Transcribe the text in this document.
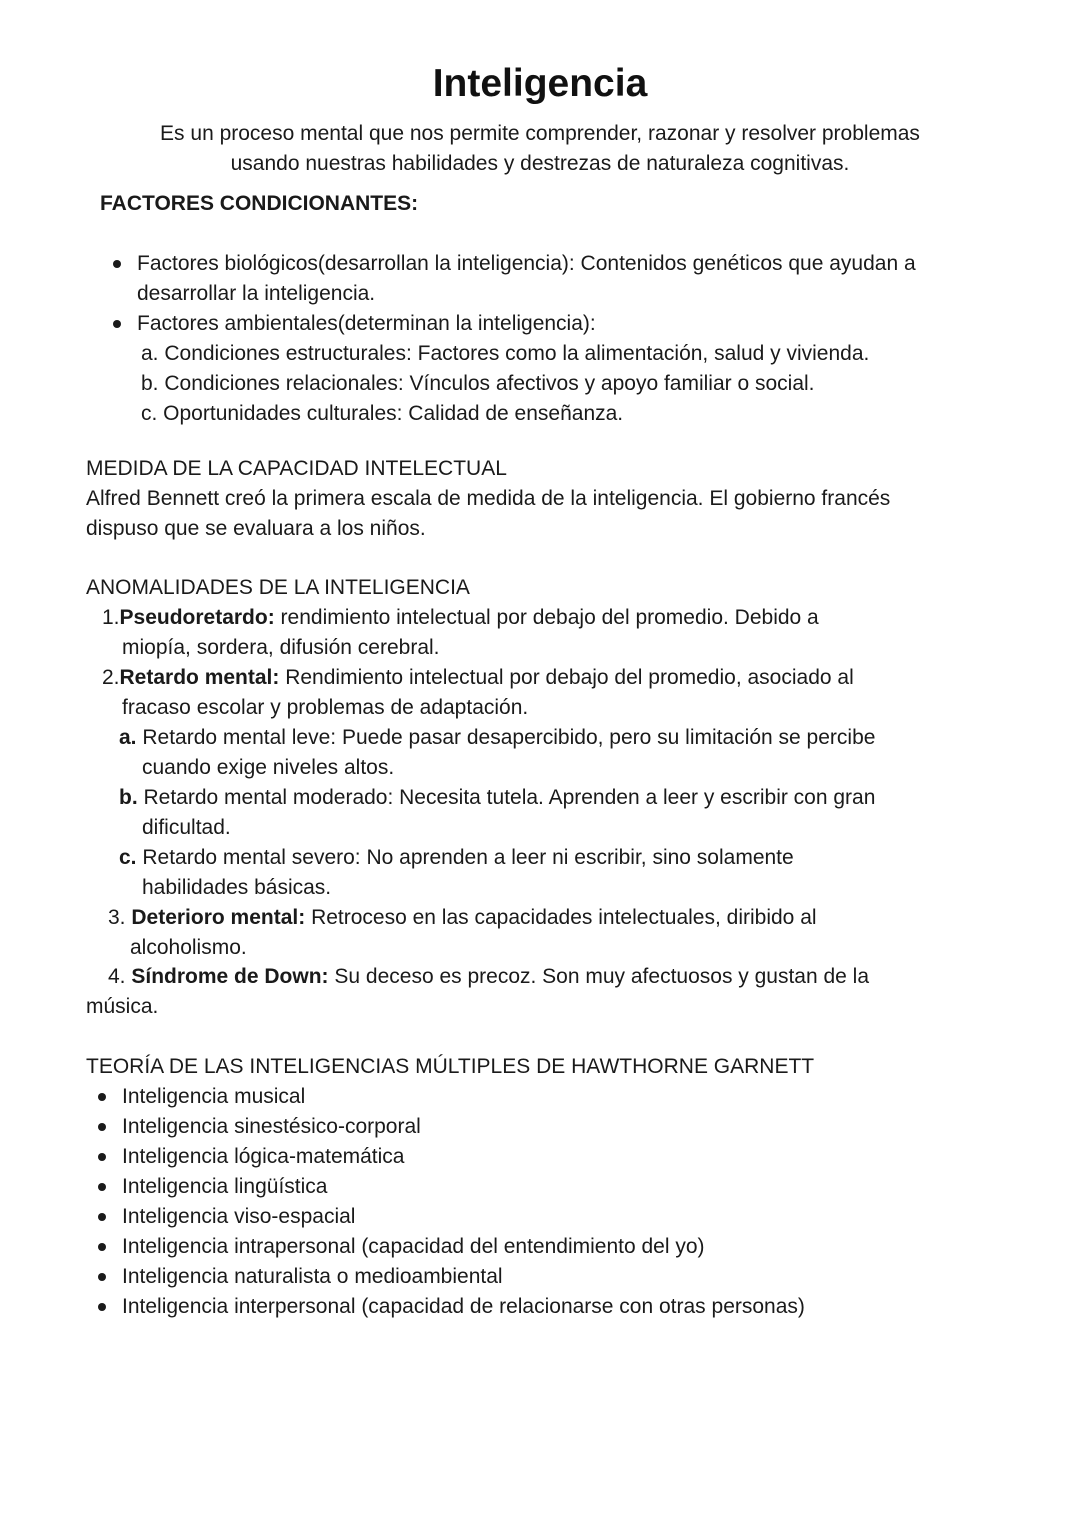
Inteligencia
Es un proceso mental que nos permite comprender, razonar y resolver problemas
usando nuestras habilidades y destrezas de naturaleza cognitivas.
FACTORES CONDICIONANTES:
Factores biológicos(desarrollan la inteligencia): Contenidos genéticos que ayudan a
desarrollar la inteligencia.
Factores ambientales(determinan la inteligencia):
a. Condiciones estructurales: Factores como la alimentación, salud y vivienda.
b. Condiciones relacionales: Vínculos afectivos y apoyo familiar o social.
c. Oportunidades culturales: Calidad de enseñanza.
MEDIDA DE LA CAPACIDAD INTELECTUAL
Alfred Bennett creó la primera escala de medida de la inteligencia. El gobierno francés
dispuso que se evaluara a los niños.
ANOMALIDADES DE LA INTELIGENCIA
1.Pseudoretardo: rendimiento intelectual por debajo del promedio. Debido a
miopía, sordera, difusión cerebral.
2.Retardo mental: Rendimiento intelectual por debajo del promedio, asociado al
fracaso escolar y problemas de adaptación.
a. Retardo mental leve: Puede pasar desapercibido, pero su limitación se percibe
cuando exige niveles altos.
b. Retardo mental moderado: Necesita tutela. Aprenden a leer y escribir con gran
dificultad.
c. Retardo mental severo: No aprenden a leer ni escribir, sino solamente
habilidades básicas.
3. Deterioro mental: Retroceso en las capacidades intelectuales, diribido al
alcoholismo.
4. Síndrome de Down: Su deceso es precoz. Son muy afectuosos y gustan de la
música.
TEORÍA DE LAS INTELIGENCIAS MÚLTIPLES DE HAWTHORNE GARNETT
Inteligencia musical
Inteligencia sinestésico-corporal
Inteligencia lógica-matemática
Inteligencia lingüística
Inteligencia viso-espacial
Inteligencia intrapersonal (capacidad del entendimiento del yo)
Inteligencia naturalista o medioambiental
Inteligencia interpersonal (capacidad de relacionarse con otras personas)
